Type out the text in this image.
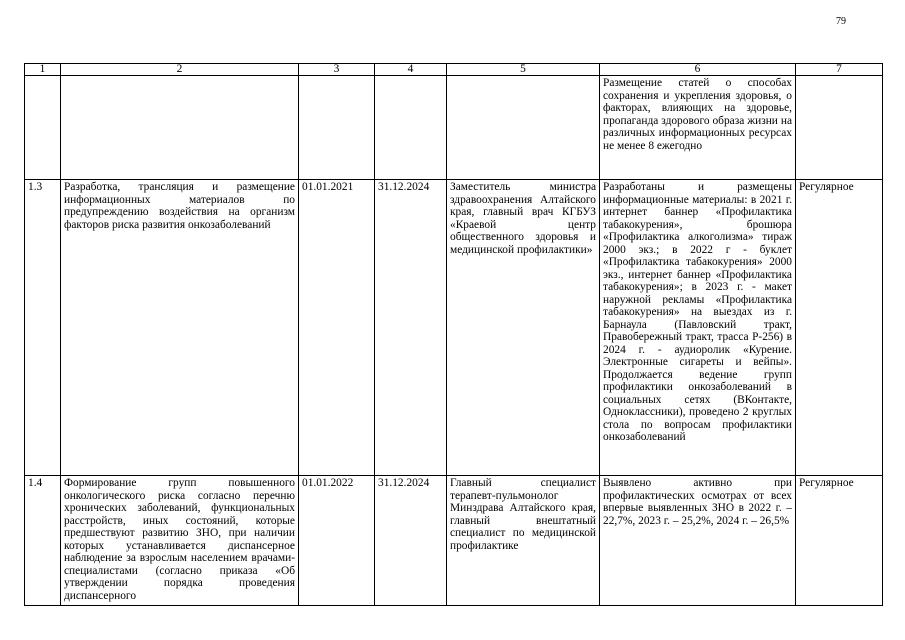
79
1	2	3	4	5	6	7
					Размещение статей о способах сохранения и укрепления здоровья, о факторах, влияющих на здоровье, пропаганда здорового образа жизни на различных информационных ресурсах не менее 8 ежегодно	
1.3	Разработка, трансляция и размещение информационных материалов по предупреждению воздействия на организм факторов риска развития онкозаболеваний	01.01.2021	31.12.2024	Заместитель министра здравоохранения Алтайского края, главный врач КГБУЗ «Краевой центр общественного здоровья и медицинской профилактики»	Разработаны и размещены информационные материалы: в 2021 г. интернет баннер «Профилактика табакокурения», брошюра «Профилактика алкоголизма» тираж 2000 экз.; в 2022 г - буклет «Профилактика табакокурения» 2000 экз., интернет баннер «Профилактика табакокурения»; в 2023 г. - макет наружной рекламы «Профилактика табакокурения» на выездах из г. Барнаула (Павловский тракт, Правобережный тракт, трасса Р-256) в 2024 г. - аудиоролик «Курение. Электронные сигареты и вейпы». Продолжается ведение групп профилактики онкозаболеваний в социальных сетях (ВКонтакте, Одноклассники), проведено 2 круглых стола по вопросам профилактики онкозаболеваний	Регулярное
1.4	Формирование групп повышенного онкологического риска согласно перечню хронических заболеваний, функциональных расстройств, иных состояний, которые предшествуют развитию ЗНО, при наличии которых устанавливается диспансерное наблюдение за взрослым населением врачами-специалистами (согласно приказа «Об утверждении порядка проведения диспансерного	01.01.2022	31.12.2024	Главный специалист терапевт-пульмонолог Минздрава Алтайского края, главный внештатный специалист по медицинской профилактике	Выявлено активно при профилактических осмотрах от всех впервые выявленных ЗНО в 2022 г. – 22,7%, 2023 г. – 25,2%, 2024 г. – 26,5%	Регулярное
